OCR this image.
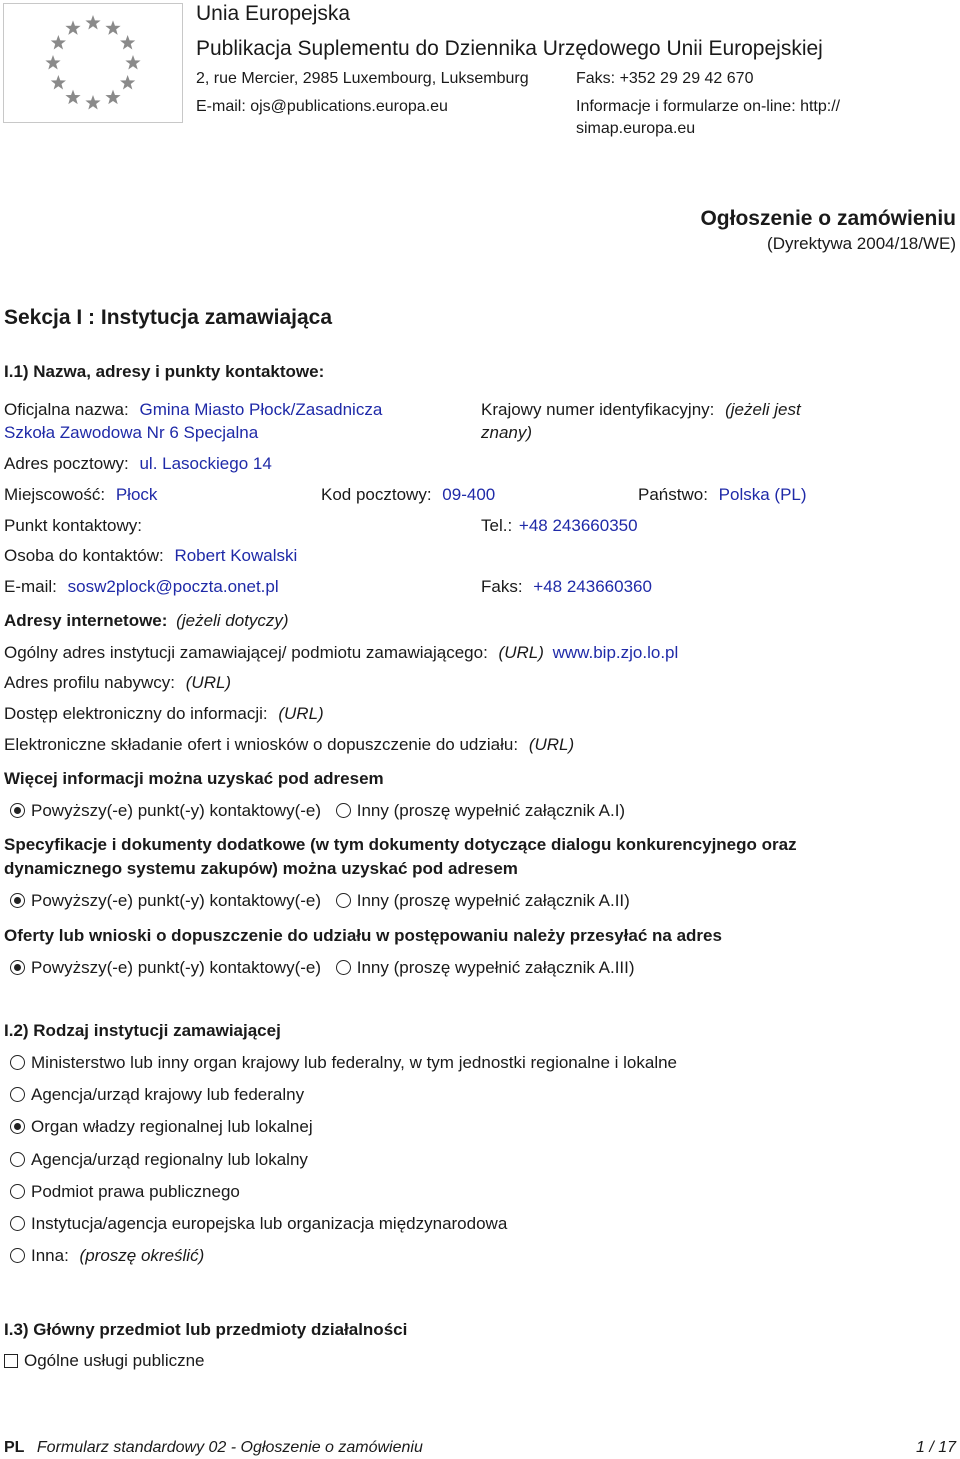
Unia Europejska
Publikacja Suplementu do Dziennika Urzędowego Unii Europejskiej
2, rue Mercier, 2985 Luxembourg, Luksemburg	Faks: +352 29 29 42 670
E-mail: ojs@publications.europa.eu	Informacje i formularze on-line: http://
simap.europa.eu
Ogłoszenie o zamówieniu
(Dyrektywa 2004/18/WE)
Sekcja I : Instytucja zamawiająca
I.1) Nazwa, adresy i punkty kontaktowe:
Oficjalna nazwa: Gmina Miasto Płock/Zasadnicza
Szkoła Zawodowa Nr 6 Specjalna
Krajowy numer identyfikacyjny: (jeżeli jest
znany)
Adres pocztowy: ul. Lasockiego 14
Miejscowość: Płock	Kod pocztowy: 09-400	Państwo: Polska (PL)
Punkt kontaktowy:	Tel.: +48 243660350
Osoba do kontaktów: Robert Kowalski
E-mail: sosw2plock@poczta.onet.pl	Faks: +48 243660360
Adresy internetowe: (jeżeli dotyczy)
Ogólny adres instytucji zamawiającej/ podmiotu zamawiającego: (URL) www.bip.zjo.lo.pl
Adres profilu nabywcy: (URL)
Dostęp elektroniczny do informacji: (URL)
Elektroniczne składanie ofert i wniosków o dopuszczenie do udziału: (URL)
Więcej informacji można uzyskać pod adresem
Powyższy(-e) punkt(-y) kontaktowy(-e) Inny (proszę wypełnić załącznik A.I)
Specyfikacje i dokumenty dodatkowe (w tym dokumenty dotyczące dialogu konkurencyjnego oraz
dynamicznego systemu zakupów) można uzyskać pod adresem
Powyższy(-e) punkt(-y) kontaktowy(-e) Inny (proszę wypełnić załącznik A.II)
Oferty lub wnioski o dopuszczenie do udziału w postępowaniu należy przesyłać na adres
Powyższy(-e) punkt(-y) kontaktowy(-e) Inny (proszę wypełnić załącznik A.III)
I.2) Rodzaj instytucji zamawiającej
Ministerstwo lub inny organ krajowy lub federalny, w tym jednostki regionalne i lokalne
Agencja/urząd krajowy lub federalny
Organ władzy regionalnej lub lokalnej
Agencja/urząd regionalny lub lokalny
Podmiot prawa publicznego
Instytucja/agencja europejska lub organizacja międzynarodowa
Inna: (proszę określić)
I.3) Główny przedmiot lub przedmioty działalności
Ogólne usługi publiczne
PL Formularz standardowy 02 - Ogłoszenie o zamówieniu	1 / 17
